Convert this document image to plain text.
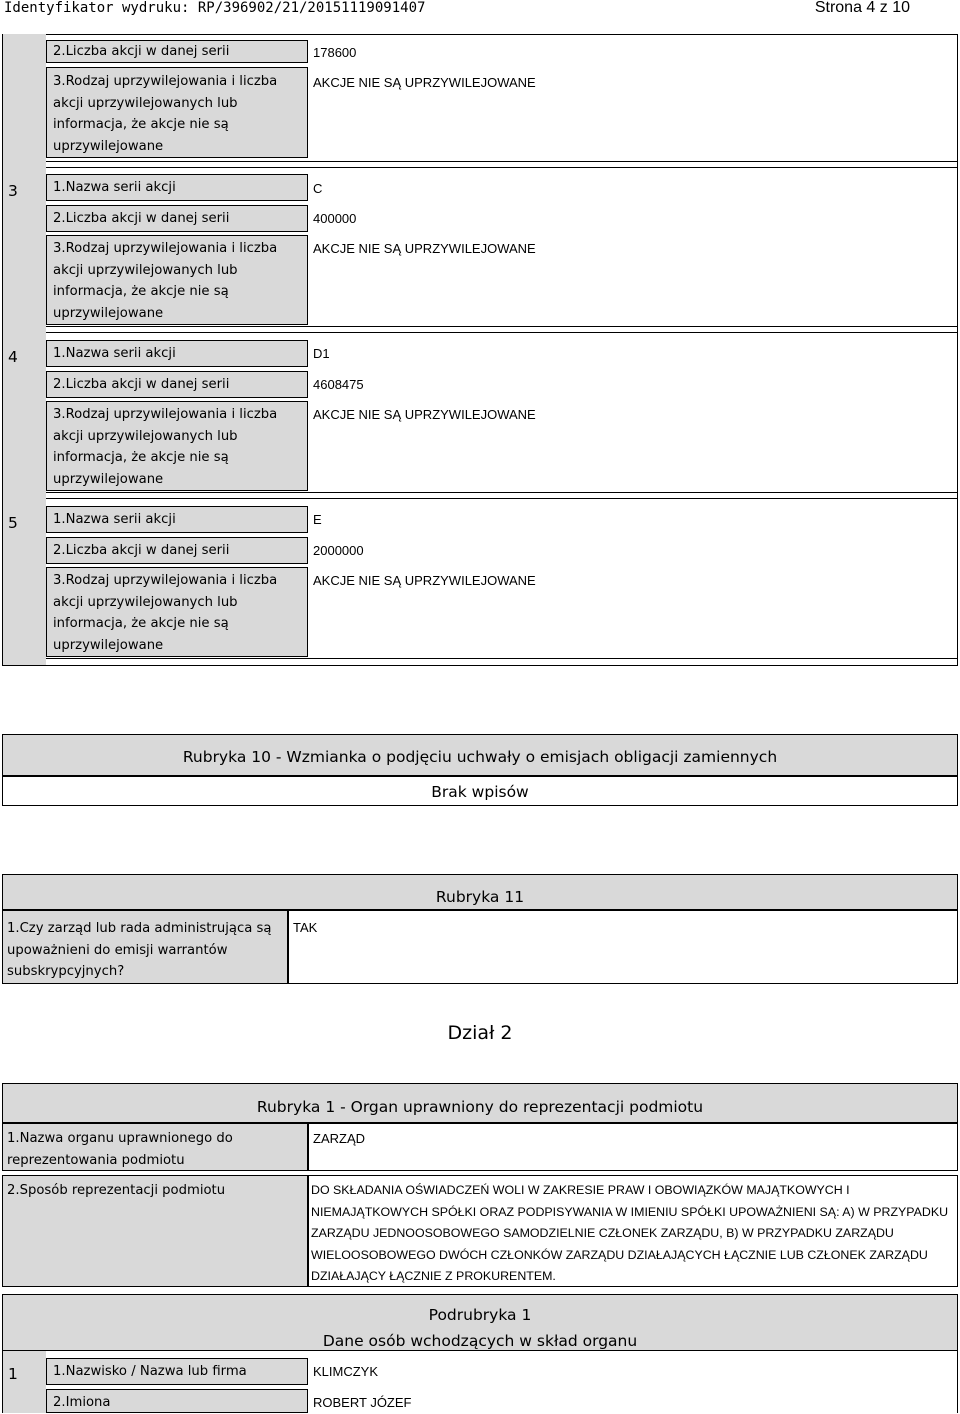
Identyfikator wydruku: RP/396902/21/20151119091407	Strona 4 z 10
2.Liczba akcji w danej serii	178600
3.Rodzaj uprzywilejowania i liczba akcji uprzywilejowanych lub informacja, że akcje nie są uprzywilejowane
AKCJE NIE SĄ UPRZYWILEJOWANE
3	1.Nazwa serii akcji	C
2.Liczba akcji w danej serii	400000
3.Rodzaj uprzywilejowania i liczba akcji uprzywilejowanych lub informacja, że akcje nie są uprzywilejowane
AKCJE NIE SĄ UPRZYWILEJOWANE
4	1.Nazwa serii akcji	D1
2.Liczba akcji w danej serii	4608475
3.Rodzaj uprzywilejowania i liczba akcji uprzywilejowanych lub informacja, że akcje nie są uprzywilejowane
AKCJE NIE SĄ UPRZYWILEJOWANE
5	1.Nazwa serii akcji	E
2.Liczba akcji w danej serii	2000000
3.Rodzaj uprzywilejowania i liczba akcji uprzywilejowanych lub informacja, że akcje nie są uprzywilejowane
AKCJE NIE SĄ UPRZYWILEJOWANE
Rubryka 10 - Wzmianka o podjęciu uchwały o emisjach obligacji zamiennych
Brak wpisów
Rubryka 11
1.Czy zarząd lub rada administrująca są upoważnieni do emisji warrantów subskrypcyjnych?
TAK
Dział 2
Rubryka 1 - Organ uprawniony do reprezentacji podmiotu
1.Nazwa organu uprawnionego do reprezentowania podmiotu
ZARZĄD
2.Sposób reprezentacji podmiotu	DO SKŁADANIA OŚWIADCZEŃ WOLI W ZAKRESIE PRAW I OBOWIĄZKÓW MAJĄTKOWYCH I NIEMAJĄTKOWYCH SPÓŁKI ORAZ PODPISYWANIA W IMIENIU SPÓŁKI UPOWAŻNIENI SĄ: A) W PRZYPADKU ZARZĄDU JEDNOOSOBOWEGO SAMODZIELNIE CZŁONEK ZARZĄDU, B) W PRZYPADKU ZARZĄDU WIELOOSOBOWEGO DWÓCH CZŁONKÓW ZARZĄDU DZIAŁAJĄCYCH ŁĄCZNIE LUB CZŁONEK ZARZĄDU DZIAŁAJĄCY ŁĄCZNIE Z PROKURENTEM.
Podrubryka 1
Dane osób wchodzących w skład organu
1	1.Nazwisko / Nazwa lub firma	KLIMCZYK
2.Imiona	ROBERT JÓZEF
